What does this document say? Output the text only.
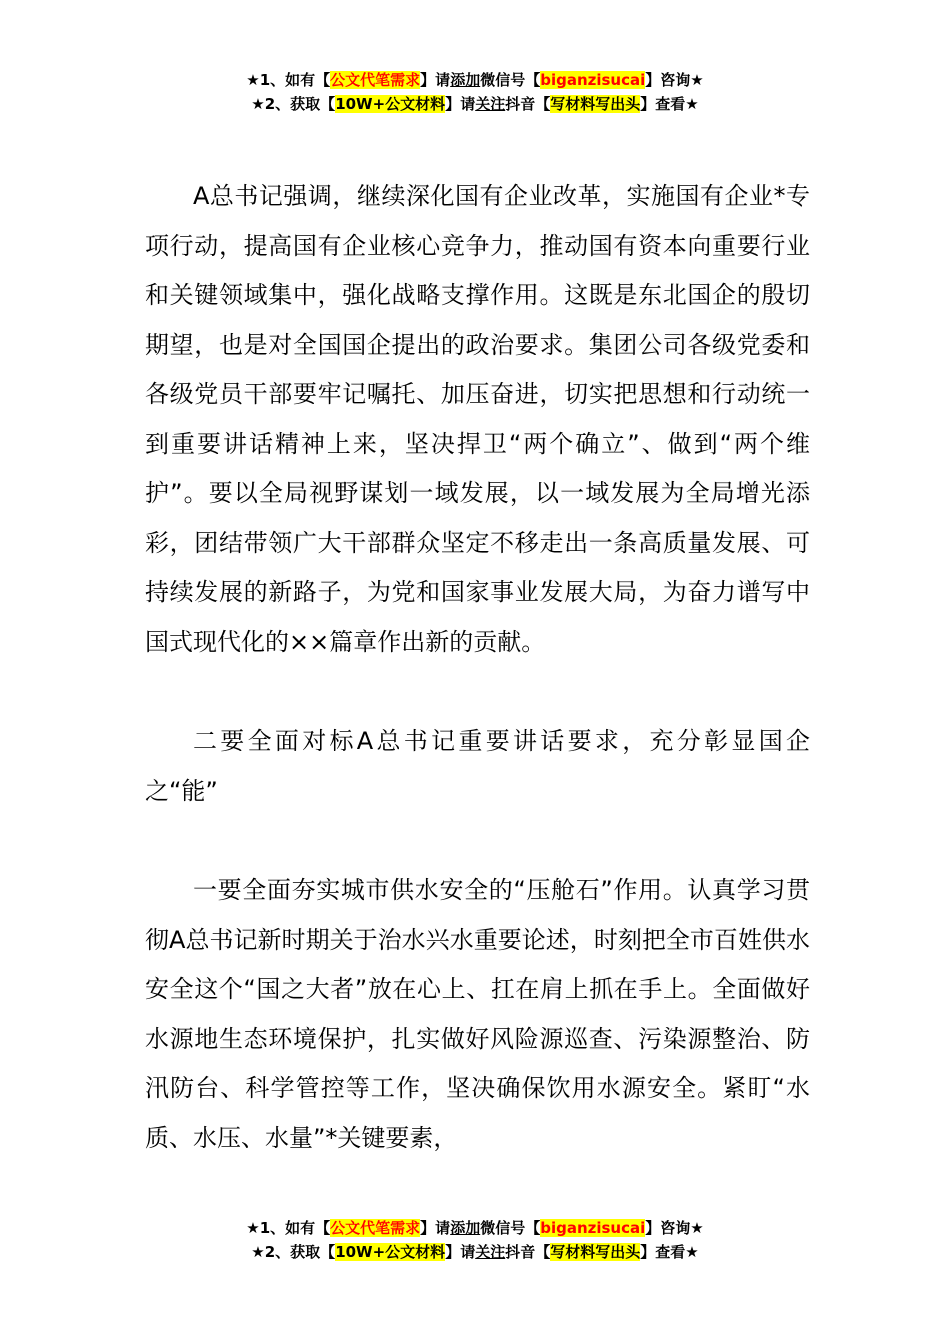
★1、如有【公文代笔需求】请添加微信号【biganzisucai】咨询★
★2、获取【10W+公文材料】请关注抖音【写材料写出头】查看★

A总书记强调，继续深化国有企业改革，实施国有企业*专项行动，提高国有企业核心竞争力，推动国有资本向重要行业和关键领域集中，强化战略支撑作用。这既是东北国企的殷切期望，也是对全国国企提出的政治要求。集团公司各级党委和各级党员干部要牢记嘱托、加压奋进，切实把思想和行动统一到重要讲话精神上来，坚决捍卫“两个确立”、做到“两个维护”。要以全局视野谋划一域发展，以一域发展为全局增光添彩，团结带领广大干部群众坚定不移走出一条高质量发展、可持续发展的新路子，为党和国家事业发展大局，为奋力谱写中国式现代化的××篇章作出新的贡献。

二要全面对标A总书记重要讲话要求，充分彰显国企之“能”

一要全面夯实城市供水安全的“压舱石”作用。认真学习贯彻A总书记新时期关于治水兴水重要论述，时刻把全市百姓供水安全这个“国之大者”放在心上、扛在肩上抓在手上。全面做好水源地生态环境保护，扎实做好风险源巡查、污染源整治、防汛防台、科学管控等工作，坚决确保饮用水源安全。紧盯“水质、水压、水量”*关键要素，

★1、如有【公文代笔需求】请添加微信号【biganzisucai】咨询★
★2、获取【10W+公文材料】请关注抖音【写材料写出头】查看★
